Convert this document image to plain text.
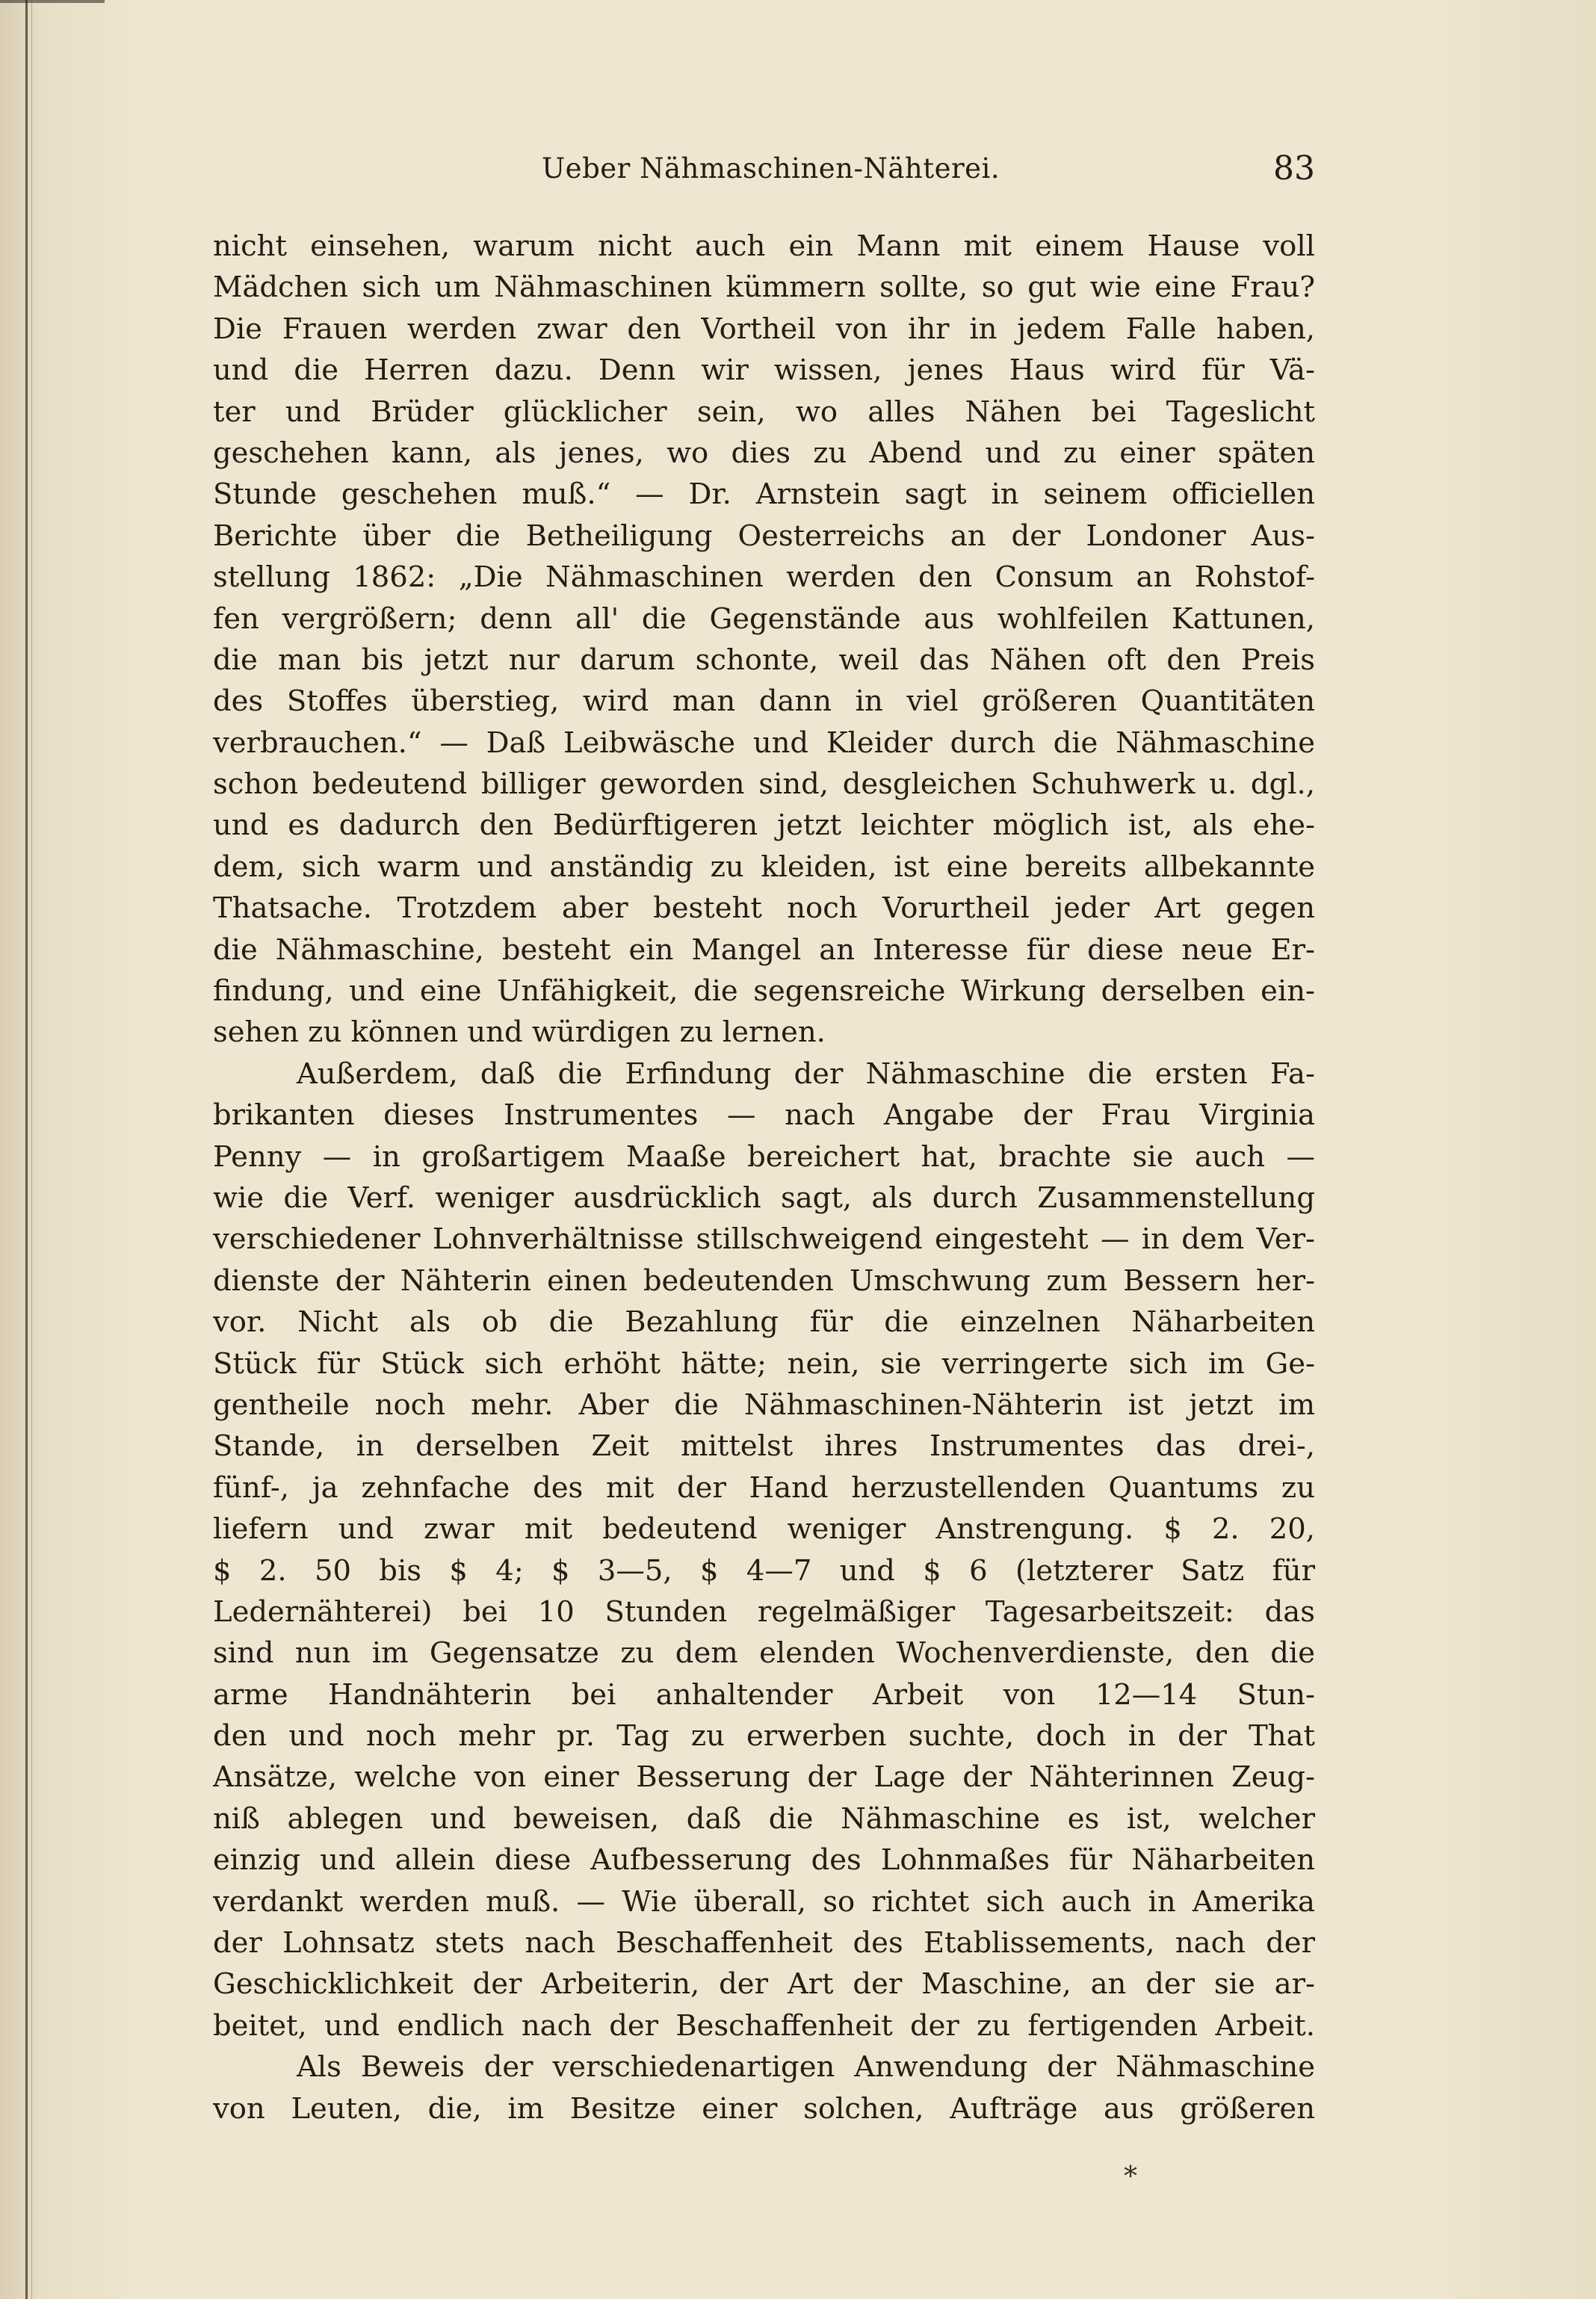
Ueber Nähmaschinen-Nähterei.	83
nicht einsehen, warum nicht auch ein Mann mit einem Hause voll
Mädchen sich um Nähmaschinen kümmern sollte, so gut wie eine Frau?
Die Frauen werden zwar den Vortheil von ihr in jedem Falle haben,
und die Herren dazu. Denn wir wissen, jenes Haus wird für Vä-
ter und Brüder glücklicher sein, wo alles Nähen bei Tageslicht
geschehen kann, als jenes, wo dies zu Abend und zu einer späten
Stunde geschehen muß.“ — Dr. Arnstein sagt in seinem officiellen
Berichte über die Betheiligung Oesterreichs an der Londoner Aus-
stellung 1862: „Die Nähmaschinen werden den Consum an Rohstof-
fen vergrößern; denn all' die Gegenstände aus wohlfeilen Kattunen,
die man bis jetzt nur darum schonte, weil das Nähen oft den Preis
des Stoffes überstieg, wird man dann in viel größeren Quantitäten
verbrauchen.“ — Daß Leibwäsche und Kleider durch die Nähmaschine
schon bedeutend billiger geworden sind, desgleichen Schuhwerk u. dgl.,
und es dadurch den Bedürftigeren jetzt leichter möglich ist, als ehe-
dem, sich warm und anständig zu kleiden, ist eine bereits allbekannte
Thatsache. Trotzdem aber besteht noch Vorurtheil jeder Art gegen
die Nähmaschine, besteht ein Mangel an Interesse für diese neue Er-
findung, und eine Unfähigkeit, die segensreiche Wirkung derselben ein-
sehen zu können und würdigen zu lernen.
Außerdem, daß die Erfindung der Nähmaschine die ersten Fa-
brikanten dieses Instrumentes — nach Angabe der Frau Virginia
Penny — in großartigem Maaße bereichert hat, brachte sie auch —
wie die Verf. weniger ausdrücklich sagt, als durch Zusammenstellung
verschiedener Lohnverhältnisse stillschweigend eingesteht — in dem Ver-
dienste der Nähterin einen bedeutenden Umschwung zum Bessern her-
vor. Nicht als ob die Bezahlung für die einzelnen Näharbeiten
Stück für Stück sich erhöht hätte; nein, sie verringerte sich im Ge-
gentheile noch mehr. Aber die Nähmaschinen-Nähterin ist jetzt im
Stande, in derselben Zeit mittelst ihres Instrumentes das drei-,
fünf-, ja zehnfache des mit der Hand herzustellenden Quantums zu
liefern und zwar mit bedeutend weniger Anstrengung. $ 2. 20,
$ 2. 50 bis $ 4; $ 3—5, $ 4—7 und $ 6 (letzterer Satz für
Ledernähterei) bei 10 Stunden regelmäßiger Tagesarbeitszeit: das
sind nun im Gegensatze zu dem elenden Wochenverdienste, den die
arme Handnähterin bei anhaltender Arbeit von 12—14 Stun-
den und noch mehr pr. Tag zu erwerben suchte, doch in der That
Ansätze, welche von einer Besserung der Lage der Nähterinnen Zeug-
niß ablegen und beweisen, daß die Nähmaschine es ist, welcher
einzig und allein diese Aufbesserung des Lohnmaßes für Näharbeiten
verdankt werden muß. — Wie überall, so richtet sich auch in Amerika
der Lohnsatz stets nach Beschaffenheit des Etablissements, nach der
Geschicklichkeit der Arbeiterin, der Art der Maschine, an der sie ar-
beitet, und endlich nach der Beschaffenheit der zu fertigenden Arbeit.
Als Beweis der verschiedenartigen Anwendung der Nähmaschine
von Leuten, die, im Besitze einer solchen, Aufträge aus größeren
*
